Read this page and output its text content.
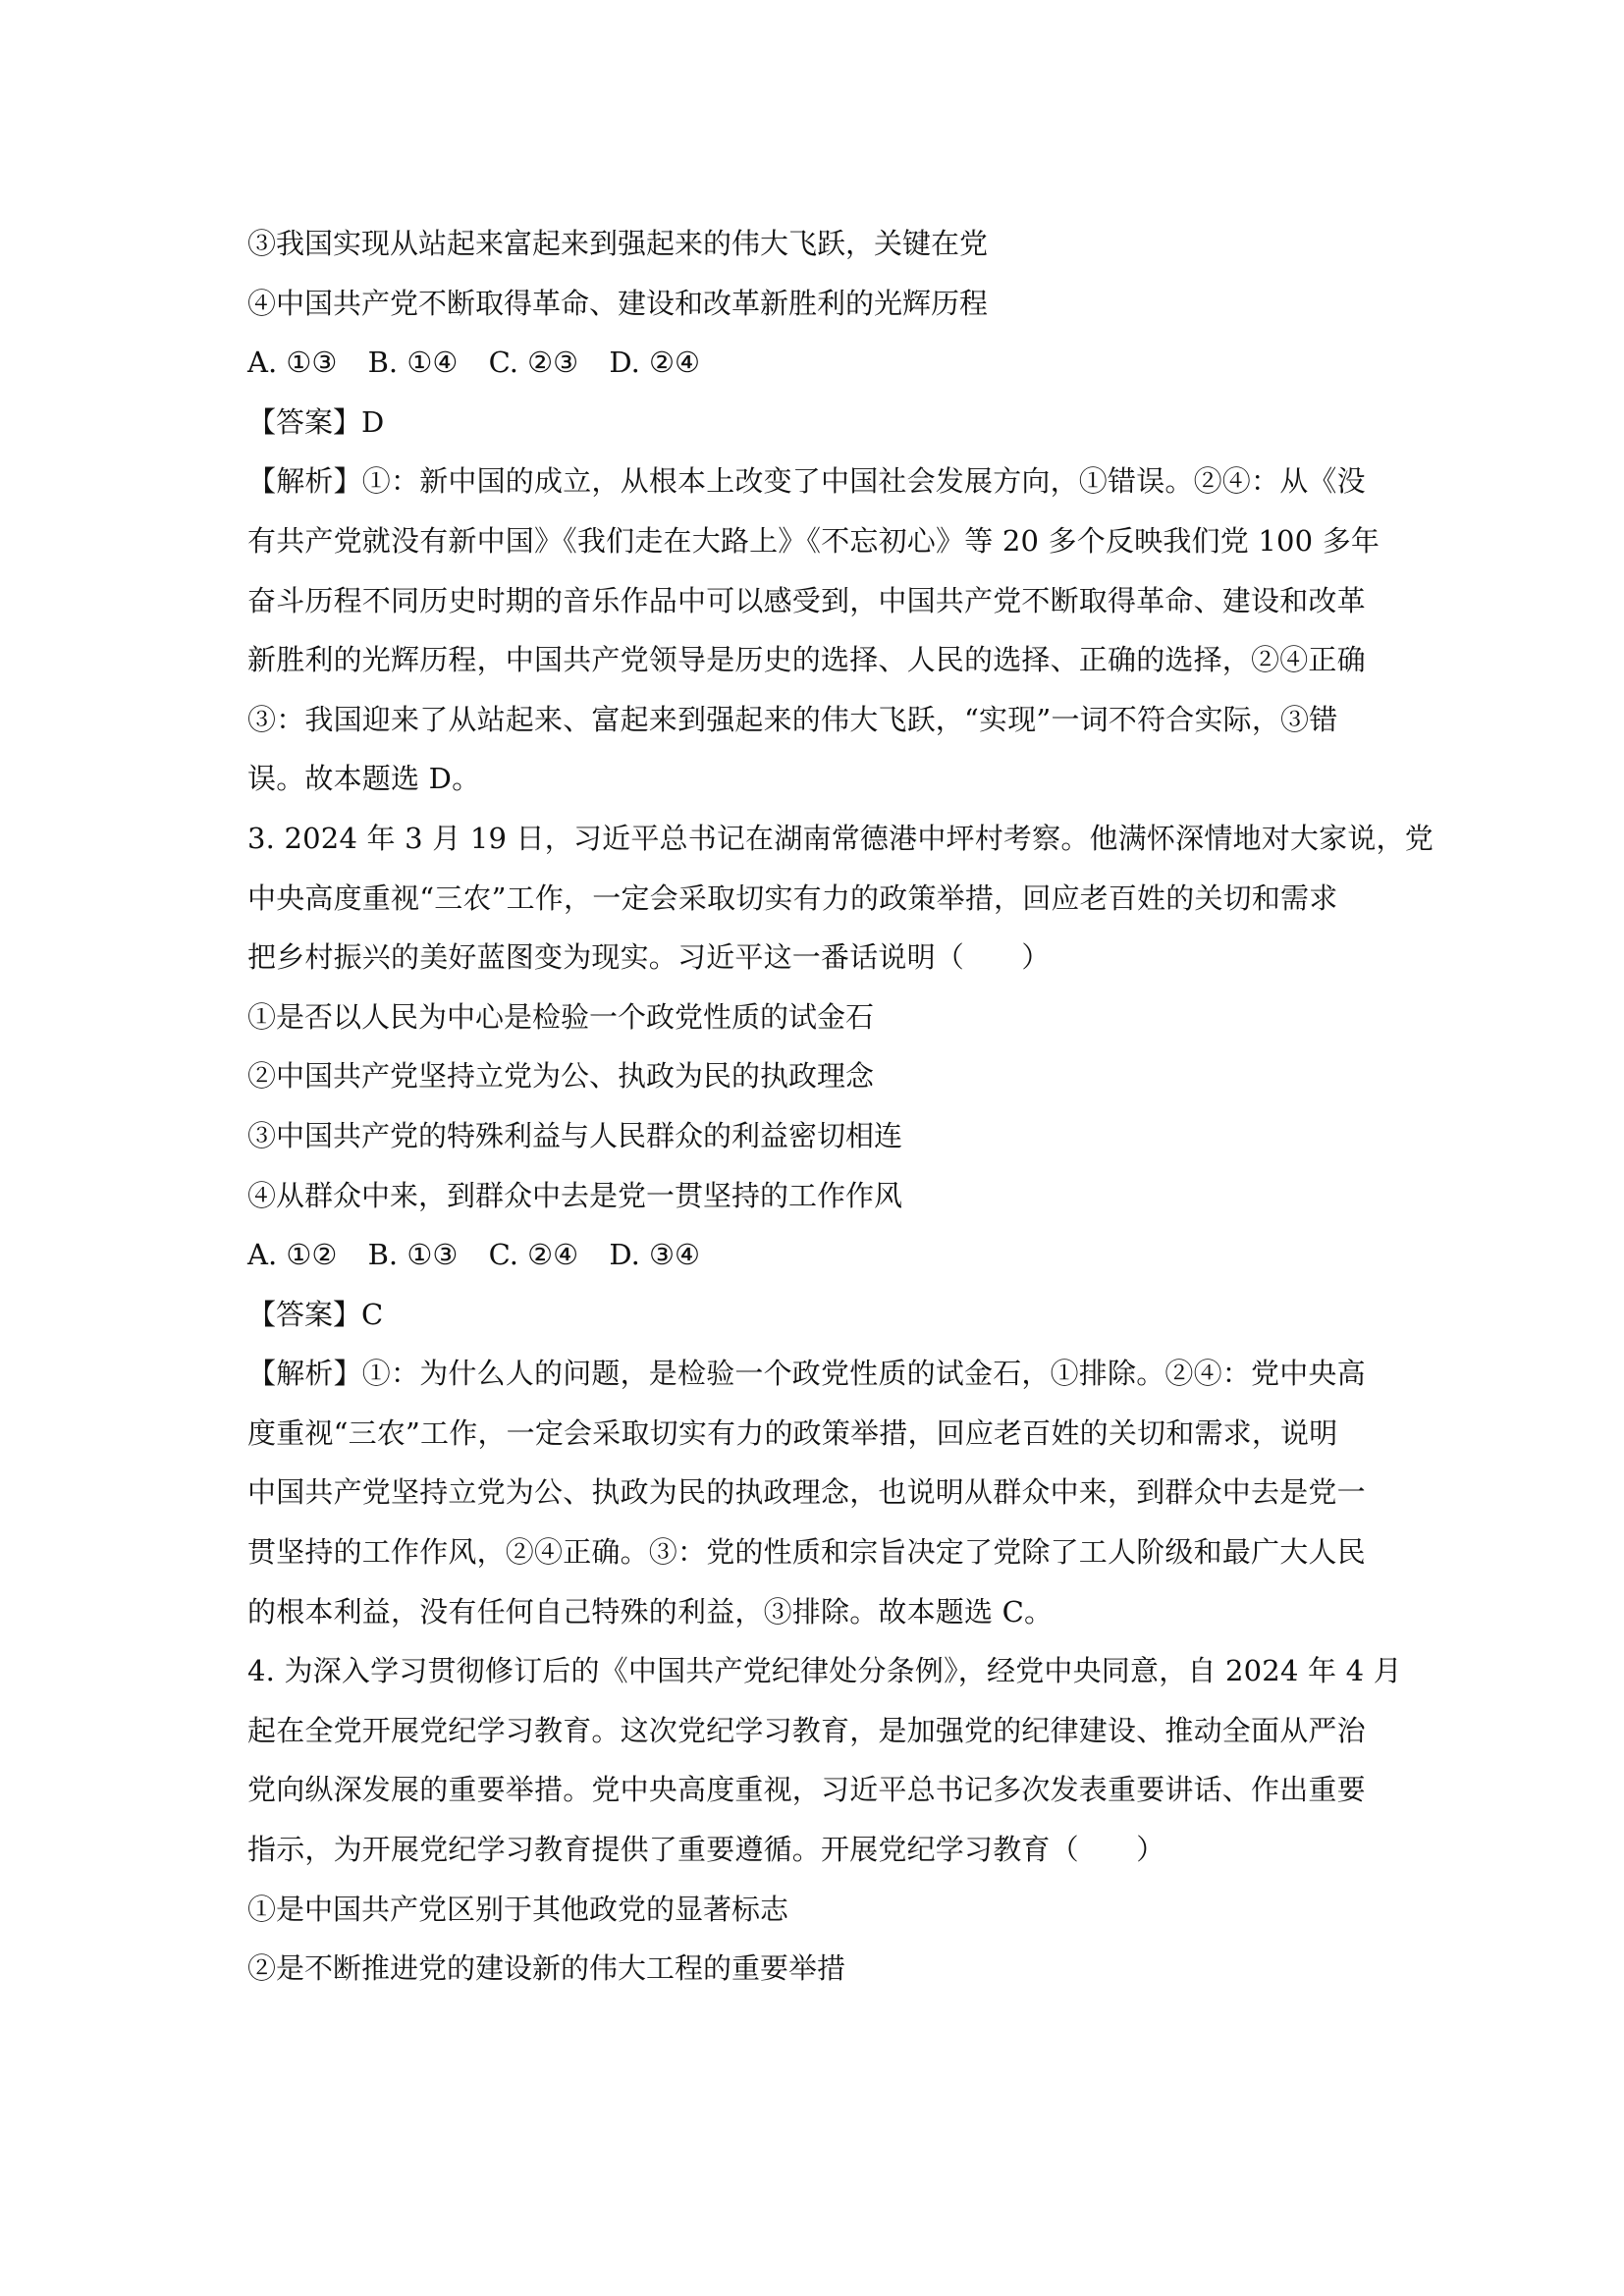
③我国实现从站起来富起来到强起来的伟大飞跃，关键在党
④中国共产党不断取得革命、建设和改革新胜利的光辉历程
A. ①③ B. ①④ C. ②③ D. ②④
【答案】D
【解析】①：新中国的成立，从根本上改变了中国社会发展方向，①错误。②④：从《没
有共产党就没有新中国》《我们走在大路上》《不忘初心》等 20 多个反映我们党 100 多年
奋斗历程不同历史时期的音乐作品中可以感受到，中国共产党不断取得革命、建设和改革
新胜利的光辉历程，中国共产党领导是历史的选择、人民的选择、正确的选择，②④正确
③：我国迎来了从站起来、富起来到强起来的伟大飞跃，“实现”一词不符合实际，③错
误。故本题选 D。
3. 2024 年 3 月 19 日，习近平总书记在湖南常德港中坪村考察。他满怀深情地对大家说，党
中央高度重视“三农”工作，一定会采取切实有力的政策举措，回应老百姓的关切和需求
把乡村振兴的美好蓝图变为现实。习近平这一番话说明（　　）
①是否以人民为中心是检验一个政党性质的试金石
②中国共产党坚持立党为公、执政为民的执政理念
③中国共产党的特殊利益与人民群众的利益密切相连
④从群众中来，到群众中去是党一贯坚持的工作作风
A. ①② B. ①③ C. ②④ D. ③④
【答案】C
【解析】①：为什么人的问题，是检验一个政党性质的试金石，①排除。②④：党中央高
度重视“三农”工作，一定会采取切实有力的政策举措，回应老百姓的关切和需求，说明
中国共产党坚持立党为公、执政为民的执政理念，也说明从群众中来，到群众中去是党一
贯坚持的工作作风，②④正确。③：党的性质和宗旨决定了党除了工人阶级和最广大人民
的根本利益，没有任何自己特殊的利益，③排除。故本题选 C。
4. 为深入学习贯彻修订后的《中国共产党纪律处分条例》，经党中央同意，自 2024 年 4 月
起在全党开展党纪学习教育。这次党纪学习教育，是加强党的纪律建设、推动全面从严治
党向纵深发展的重要举措。党中央高度重视，习近平总书记多次发表重要讲话、作出重要
指示，为开展党纪学习教育提供了重要遵循。开展党纪学习教育（　　）
①是中国共产党区别于其他政党的显著标志
②是不断推进党的建设新的伟大工程的重要举措
